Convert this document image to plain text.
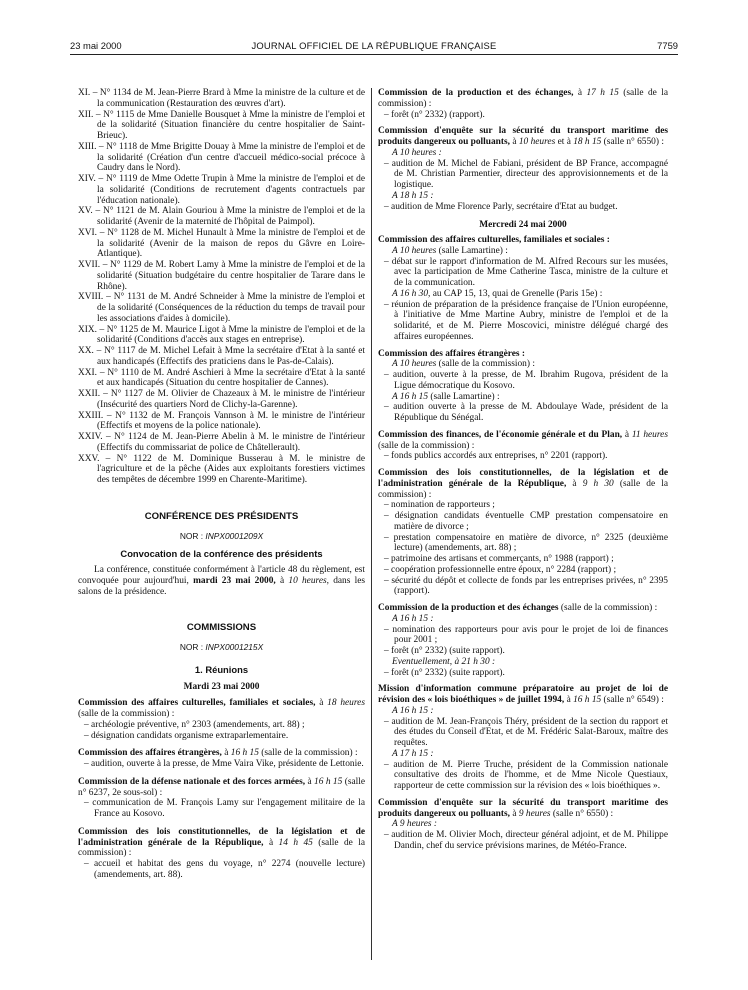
23 mai 2000	JOURNAL OFFICIEL DE LA RÉPUBLIQUE FRANÇAISE	7759

XI. – N° 1134 de M. Jean-Pierre Brard à Mme la ministre de la culture et de la communication (Restauration des œuvres d'art).

XII. – N° 1115 de Mme Danielle Bousquet à Mme la ministre de l'emploi et de la solidarité (Situation financière du centre hospitalier de Saint-Brieuc).

XIII. – N° 1118 de Mme Brigitte Douay à Mme la ministre de l'emploi et de la solidarité (Création d'un centre d'accueil médico-social précoce à Caudry dans le Nord).

XIV. – N° 1119 de Mme Odette Trupin à Mme la ministre de l'emploi et de la solidarité (Conditions de recrutement d'agents contractuels par l'éducation nationale).

XV. – N° 1121 de M. Alain Gouriou à Mme la ministre de l'emploi et de la solidarité (Avenir de la maternité de l'hôpital de Paimpol).

XVI. – N° 1128 de M. Michel Hunault à Mme la ministre de l'emploi et de la solidarité (Avenir de la maison de repos du Gâvre en Loire-Atlantique).

XVII. – N° 1129 de M. Robert Lamy à Mme la ministre de l'emploi et de la solidarité (Situation budgétaire du centre hospitalier de Tarare dans le Rhône).

XVIII. – N° 1131 de M. André Schneider à Mme la ministre de l'emploi et de la solidarité (Conséquences de la réduction du temps de travail pour les associations d'aides à domicile).

XIX. – N° 1125 de M. Maurice Ligot à Mme la ministre de l'emploi et de la solidarité (Conditions d'accès aux stages en entreprise).

XX. – N° 1117 de M. Michel Lefait à Mme la secrétaire d'Etat à la santé et aux handicapés (Effectifs des praticiens dans le Pas-de-Calais).

XXI. – N° 1110 de M. André Aschieri à Mme la secrétaire d'Etat à la santé et aux handicapés (Situation du centre hospitalier de Cannes).

XXII. – N° 1127 de M. Olivier de Chazeaux à M. le ministre de l'intérieur (Insécurité des quartiers Nord de Clichy-la-Garenne).

XXIII. – N° 1132 de M. François Vannson à M. le ministre de l'intérieur (Effectifs et moyens de la police nationale).

XXIV. – N° 1124 de M. Jean-Pierre Abelin à M. le ministre de l'intérieur (Effectifs du commissariat de police de Châtellerault).

XXV. – N° 1122 de M. Dominique Busserau à M. le ministre de l'agriculture et de la pêche (Aides aux exploitants forestiers victimes des tempêtes de décembre 1999 en Charente-Maritime).

CONFÉRENCE DES PRÉSIDENTS

NOR : INPX0001209X

Convocation de la conférence des présidents

La conférence, constituée conformément à l'article 48 du règlement, est convoquée pour aujourd'hui, mardi 23 mai 2000, à 10 heures, dans les salons de la présidence.

COMMISSIONS

NOR : INPX0001215X

1. Réunions

Mardi 23 mai 2000

Commission des affaires culturelles, familiales et sociales, à 18 heures (salle de la commission) :

– archéologie préventive, n° 2303 (amendements, art. 88) ;

– désignation candidats organisme extraparlementaire.

Commission des affaires étrangères, à 16 h 15 (salle de la commission) :

– audition, ouverte à la presse, de Mme Vaira Vike, présidente de Lettonie.

Commission de la défense nationale et des forces armées, à 16 h 15 (salle n° 6237, 2e sous-sol) :

– communication de M. François Lamy sur l'engagement militaire de la France au Kosovo.

Commission des lois constitutionnelles, de la législation et de l'administration générale de la République, à 14 h 45 (salle de la commission) :

– accueil et habitat des gens du voyage, n° 2274 (nouvelle lecture) (amendements, art. 88).

Commission de la production et des échanges, à 17 h 15 (salle de la commission) :

– forêt (n° 2332) (rapport).

Commission d'enquête sur la sécurité du transport maritime des produits dangereux ou polluants, à 10 heures et à 18 h 15 (salle n° 6550) :

A 10 heures :

– audition de M. Michel de Fabiani, président de BP France, accompagné de M. Christian Parmentier, directeur des approvisionnements et de la logistique.

A 18 h 15 :

– audition de Mme Florence Parly, secrétaire d'Etat au budget.

Mercredi 24 mai 2000

Commission des affaires culturelles, familiales et sociales :

A 10 heures (salle Lamartine) :

– débat sur le rapport d'information de M. Alfred Recours sur les musées, avec la participation de Mme Catherine Tasca, ministre de la culture et de la communication.

A 16 h 30, au CAP 15, 13, quai de Grenelle (Paris 15e) :

– réunion de préparation de la présidence française de l'Union européenne, à l'initiative de Mme Martine Aubry, ministre de l'emploi et de la solidarité, et de M. Pierre Moscovici, ministre délégué chargé des affaires européennes.

Commission des affaires étrangères :

A 10 heures (salle de la commission) :

– audition, ouverte à la presse, de M. Ibrahim Rugova, président de la Ligue démocratique du Kosovo.

A 16 h 15 (salle Lamartine) :

– audition ouverte à la presse de M. Abdoulaye Wade, président de la République du Sénégal.

Commission des finances, de l'économie générale et du Plan, à 11 heures (salle de la commission) :

– fonds publics accordés aux entreprises, n° 2201 (rapport).

Commission des lois constitutionnelles, de la législation et de l'administration générale de la République, à 9 h 30 (salle de la commission) :

– nomination de rapporteurs ;

– désignation candidats éventuelle CMP prestation compensatoire en matière de divorce ;

– prestation compensatoire en matière de divorce, n° 2325 (deuxième lecture) (amendements, art. 88) ;

– patrimoine des artisans et commerçants, n° 1988 (rapport) ;

– coopération professionnelle entre époux, n° 2284 (rapport) ;

– sécurité du dépôt et collecte de fonds par les entreprises privées, n° 2395 (rapport).

Commission de la production et des échanges (salle de la commission) :

A 16 h 15 :

– nomination des rapporteurs pour avis pour le projet de loi de finances pour 2001 ;

– forêt (n° 2332) (suite rapport).

Eventuellement, à 21 h 30 :

– forêt (n° 2332) (suite rapport).

Mission d'information commune préparatoire au projet de loi de révision des « lois bioéthiques » de juillet 1994, à 16 h 15 (salle n° 6549) :

A 16 h 15 :

– audition de M. Jean-François Théry, président de la section du rapport et des études du Conseil d'Etat, et de M. Frédéric Salat-Baroux, maître des requêtes.

A 17 h 15 :

– audition de M. Pierre Truche, président de la Commission nationale consultative des droits de l'homme, et de Mme Nicole Questiaux, rapporteur de cette commission sur la révision des « lois bioéthiques ».

Commission d'enquête sur la sécurité du transport maritime des produits dangereux ou polluants, à 9 heures (salle n° 6550) :

A 9 heures :

– audition de M. Olivier Moch, directeur général adjoint, et de M. Philippe Dandin, chef du service prévisions marines, de Météo-France.
